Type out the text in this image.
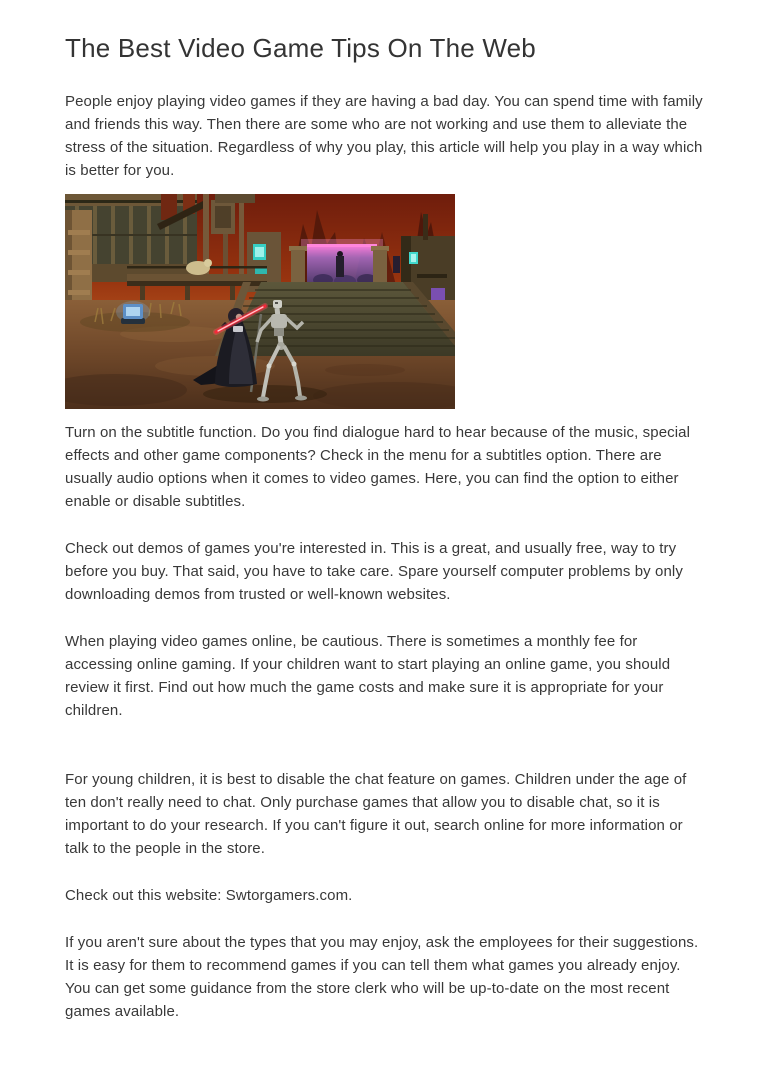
The Best Video Game Tips On The Web

People enjoy playing video games if they are having a bad day. You can spend time with family and friends this way. Then there are some who are not working and use them to alleviate the stress of the situation. Regardless of why you play, this article will help you play in a way which is better for you.

Turn on the subtitle function. Do you find dialogue hard to hear because of the music, special effects and other game components? Check in the menu for a subtitles option. There are usually audio options when it comes to video games. Here, you can find the option to either enable or disable subtitles.

Check out demos of games you're interested in. This is a great, and usually free, way to try before you buy. That said, you have to take care. Spare yourself computer problems by only downloading demos from trusted or well-known websites.

When playing video games online, be cautious. There is sometimes a monthly fee for accessing online gaming. If your children want to start playing an online game, you should review it first. Find out how much the game costs and make sure it is appropriate for your children.

For young children, it is best to disable the chat feature on games. Children under the age of ten don't really need to chat. Only purchase games that allow you to disable chat, so it is important to do your research. If you can't figure it out, search online for more information or talk to the people in the store.

Check out this website: Swtorgamers.com.

If you aren't sure about the types that you may enjoy, ask the employees for their suggestions. It is easy for them to recommend games if you can tell them what games you already enjoy. You can get some guidance from the store clerk who will be up-to-date on the most recent games available.
